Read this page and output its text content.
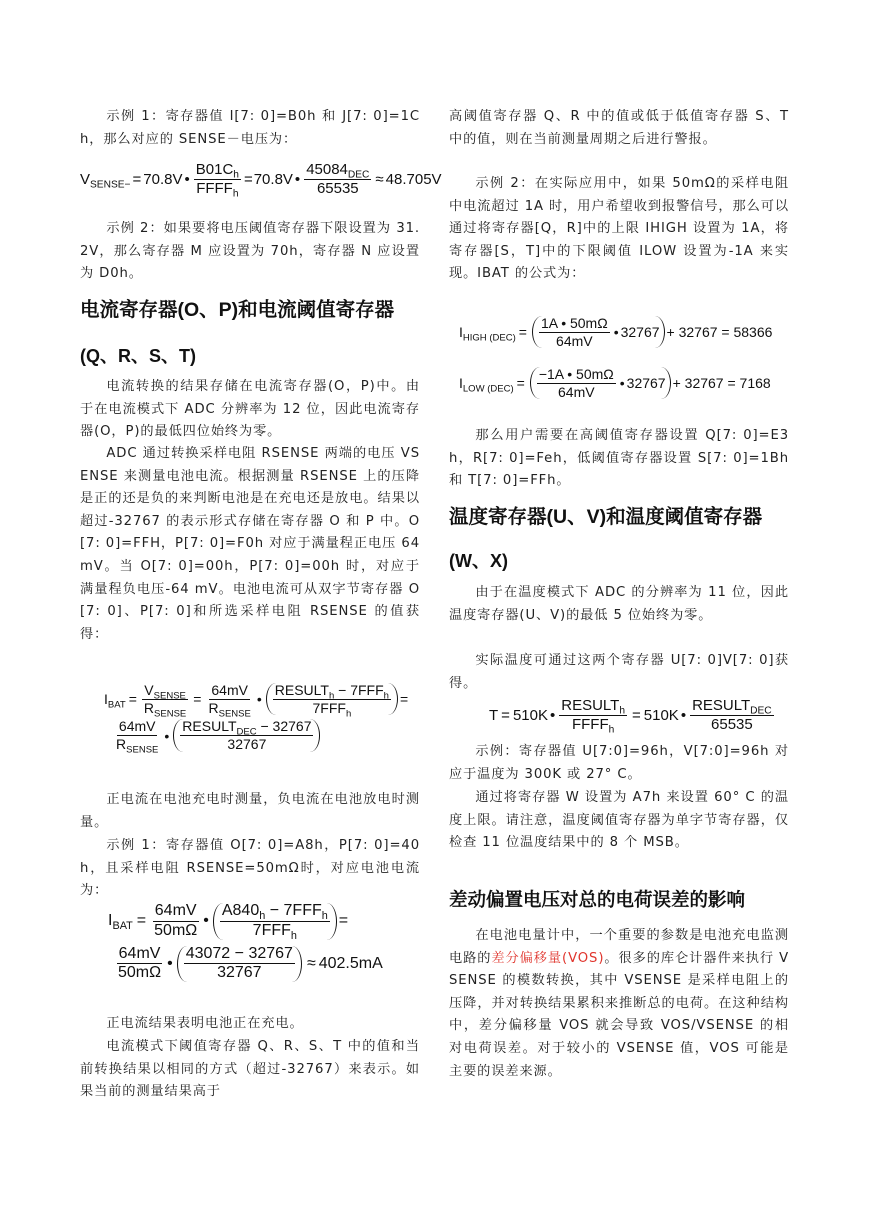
示例 1：寄存器值 I[7: 0]=B0h 和 J[7: 0]=1Ch，那么对应的 SENSE－电压为：

$V_{SENSE-} = 70.8V$ • $\frac{B01C_h}{FFFF_h} = 70.8V$ • $\frac{45084_{DEC}}{65535} \approx 48.705V$

示例 2：如果要将电压阈值寄存器下限设置为 31.2V，那么寄存器 M 应设置为 70h，寄存器 N 应设置为 D0h。

电流寄存器(O、P)和电流阈值寄存器
(Q、R、S、T)

电流转换的结果存储在电流寄存器(O，P)中。由于在电流模式下 ADC 分辨率为 12 位，因此电流寄存器(O，P)的最低四位始终为零。

ADC 通过转换采样电阻 RSENSE 两端的电压 VSENSE 来测量电池电流。根据测量 RSENSE 上的压降是正的还是负的来判断电池是在充电还是放电。结果以超过-32767 的表示形式存储在寄存器 O 和 P 中。O[7: 0]=FFH，P[7: 0]=F0h 对应于满量程正电压 64 mV。当 O[7: 0]=00h，P[7: 0]=00h 时，对应于满量程负电压-64 mV。电池电流可从双字节寄存器 O[7: 0]、P[7: 0]和所选采样电阻 RSENSE 的值获得：

$I_{BAT} = \frac{V_{SENSE}}{R_{SENSE}} = \frac{64mV}{R_{SENSE}}$ • $\frac{RESULT_h - 7FFF_h}{7FFF_h}$ =
$\frac{64mV}{R_{SENSE}}$ • $\frac{RESULT_{DEC} - 32767}{32767}$

正电流在电池充电时测量，负电流在电池放电时测量。

示例 1：寄存器值 O[7: 0]=A8h，P[7: 0]=40h，且采样电阻 RSENSE=50mΩ时，对应电池电流为：

$I_{BAT} = \frac{64mV}{50m\Omega}$ • $\frac{A840_h - 7FFF_h}{7FFF_h}$ =
$\frac{64mV}{50m\Omega}$ • $\frac{43072 - 32767}{32767} \approx 402.5mA$

正电流结果表明电池正在充电。

电流模式下阈值寄存器 Q、R、S、T 中的值和当前转换结果以相同的方式（超过-32767）来表示。如果当前的测量结果高于

高阈值寄存器 Q、R 中的值或低于低值寄存器 S、T 中的值，则在当前测量周期之后进行警报。

示例 2：在实际应用中，如果 50mΩ的采样电阻中电流超过 1A 时，用户希望收到报警信号，那么可以通过将寄存器[Q，R]中的上限 IHIGH 设置为 1A，将寄存器[S，T]中的下限阈值 ILOW 设置为-1A 来实现。IBAT 的公式为：

$I_{HIGH (DEC)} = \frac{1A • 50m\Omega}{64mV}$ • 32767 + 32767 = 58366
$I_{LOW (DEC)} = \frac{-1A • 50m\Omega}{64mV}$ • 32767 + 32767 = 7168

那么用户需要在高阈值寄存器设置 Q[7: 0]=E3h，R[7: 0]=Feh，低阈值寄存器设置 S[7: 0]=1Bh 和 T[7: 0]=FFh。

温度寄存器(U、V)和温度阈值寄存器
(W、X)

由于在温度模式下 ADC 的分辨率为 11 位，因此温度寄存器(U、V)的最低 5 位始终为零。

实际温度可通过这两个寄存器 U[7: 0]V[7: 0]获得。

T = 510K • $\frac{RESULT_h}{FFFF_h} = 510K$ • $\frac{RESULT_{DEC}}{65535}$

示例：寄存器值 U[7:0]=96h，V[7:0]=96h 对应于温度为 300K 或 27° C。

通过将寄存器 W 设置为 A7h 来设置 60° C 的温度上限。请注意，温度阈值寄存器为单字节寄存器，仅检查 11 位温度结果中的 8 个 MSB。

差动偏置电压对总的电荷误差的影响

在电池电量计中，一个重要的参数是电池充电监测电路的差分偏移量(VOS)。很多的库仑计器件来执行 VSENSE 的模数转换，其中 VSENSE 是采样电阻上的压降，并对转换结果累积来推断总的电荷。在这种结构中，差分偏移量 VOS 就会导致 VOS/VSENSE 的相对电荷误差。对于较小的 VSENSE 值，VOS 可能是主要的误差来源。
